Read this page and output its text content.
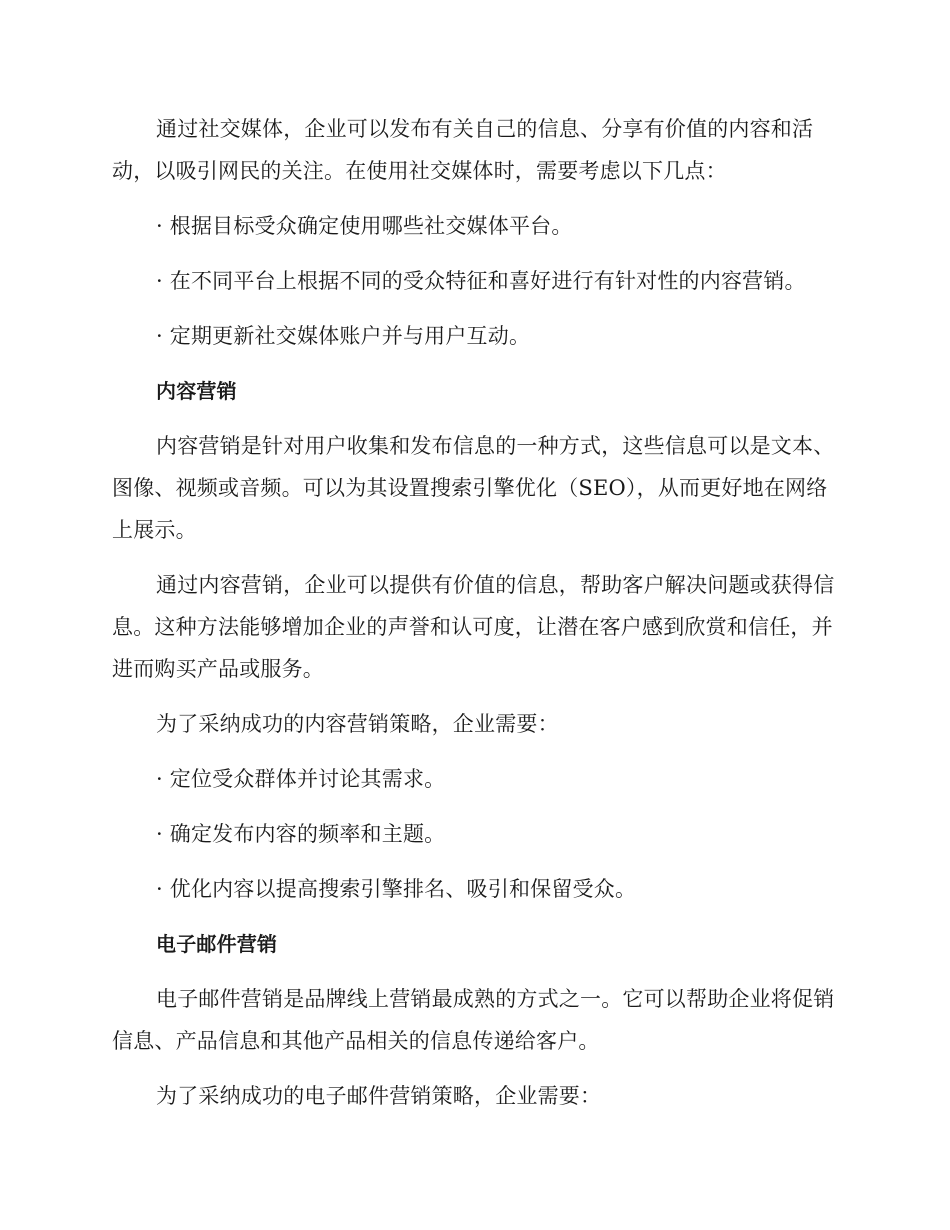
通过社交媒体，企业可以发布有关自己的信息、分享有价值的内容和活动，以吸引网民的关注。在使用社交媒体时，需要考虑以下几点：

· 根据目标受众确定使用哪些社交媒体平台。

· 在不同平台上根据不同的受众特征和喜好进行有针对性的内容营销。

· 定期更新社交媒体账户并与用户互动。

内容营销

内容营销是针对用户收集和发布信息的一种方式，这些信息可以是文本、图像、视频或音频。可以为其设置搜索引擎优化（SEO），从而更好地在网络上展示。

通过内容营销，企业可以提供有价值的信息，帮助客户解决问题或获得信息。这种方法能够增加企业的声誉和认可度，让潜在客户感到欣赏和信任，并进而购买产品或服务。

为了采纳成功的内容营销策略，企业需要：

· 定位受众群体并讨论其需求。

· 确定发布内容的频率和主题。

· 优化内容以提高搜索引擎排名、吸引和保留受众。

电子邮件营销

电子邮件营销是品牌线上营销最成熟的方式之一。它可以帮助企业将促销信息、产品信息和其他产品相关的信息传递给客户。

为了采纳成功的电子邮件营销策略，企业需要：
